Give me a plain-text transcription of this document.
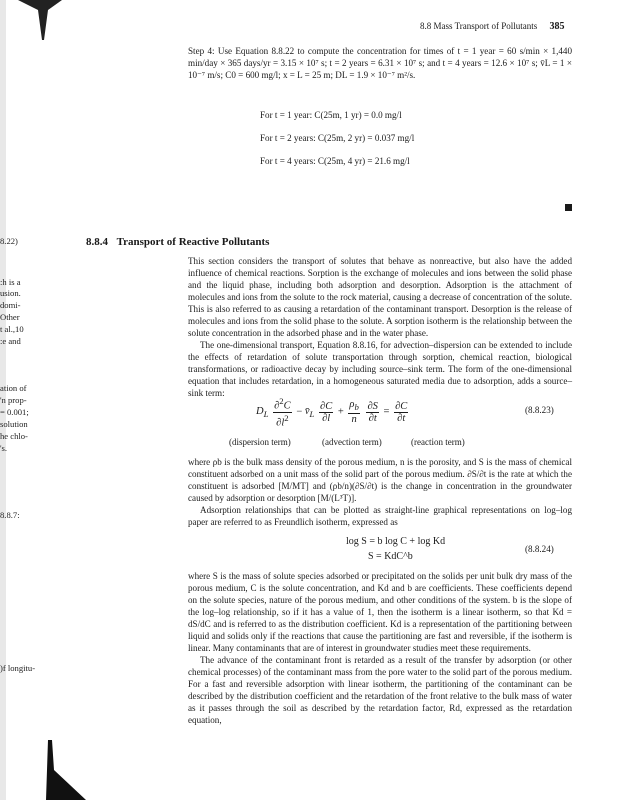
8.22)
:h is a
usion.
domi-
Other
t al.,10
:e and
ation of
'n prop-
= 0.001;
solution
he chlo-
's.
8.8.7:
)f longitu-
8.8 Mass Transport of Pollutants 385

Step 4: Use Equation 8.8.22 to compute the concentration for times of t = 1 year = 60 s/min × 1,440 min/day × 365 days/yr = 3.15 × 10⁷ s; t = 2 years = 6.31 × 10⁷ s; and t = 4 years = 12.6 × 10⁷ s; v̄L = 1 × 10⁻⁷ m/s; C0 = 600 mg/l; x = L = 25 m; DL = 1.9 × 10⁻⁷ m²/s.

For t = 1 year: C(25m, 1 yr) = 0.0 mg/l
For t = 2 years: C(25m, 2 yr) = 0.037 mg/l
For t = 4 years: C(25m, 4 yr) = 21.6 mg/l
8.8.4 Transport of Reactive Pollutants

This section considers the transport of solutes that behave as nonreactive, but also have the added influence of chemical reactions. Sorption is the exchange of molecules and ions between the solid phase and the liquid phase, including both adsorption and desorption. Adsorption is the attachment of molecules and ions from the solute to the rock material, causing a decrease of concentration of the solute. This is also referred to as causing a retardation of the contaminant transport. Desorption is the release of molecules and ions from the solid phase to the solute. A sorption isotherm is the relationship between the solute concentration in the adsorbed phase and in the water phase.

The one-dimensional transport, Equation 8.8.16, for advection–dispersion can be extended to include the effects of retardation of solute transportation through sorption, chemical reaction, biological transformations, or radioactive decay by including source–sink term. The form of the one-dimensional equation that includes retardation, in a homogeneous saturated media due to adsorption, adds a source–sink term:

$D_L \frac{\partial^2C}{\partial l^2}$ − $v̄_L \frac{\partial C}{\partial l} + \frac{\rho_b}{n}$
$\frac{\partial S}{\partial t} = \frac{\partial C}{\partial t}$	(8.8.23)
(dispersion term)	(advection term)	(reaction term)

where ρb is the bulk mass density of the porous medium, n is the porosity, and S is the mass of chemical constituent adsorbed on a unit mass of the solid part of the porous medium. ∂S/∂t is the rate at which the constituent is adsorbed [M/MT] and (ρb/n)(∂S/∂t) is the change in concentration in the groundwater caused by adsorption or desorption [M/(L³T)].

Adsorption relationships that can be plotted as straight-line graphical representations on log–log paper are referred to as Freundlich isotherm, expressed as

log S = b log C + log Kd
S = KdC^b
(8.8.24)

where S is the mass of solute species adsorbed or precipitated on the solids per unit bulk dry mass of the porous medium, C is the solute concentration, and Kd and b are coefficients. These coefficients depend on the solute species, nature of the porous medium, and other conditions of the system. b is the slope of the log–log relationship, so if it has a value of 1, then the isotherm is a linear isotherm, so that Kd = dS/dC and is referred to as the distribution coefficient. Kd is a representation of the partitioning between liquid and solids only if the reactions that cause the partitioning are fast and reversible, if the isotherm is linear. Many contaminants that are of interest in groundwater studies meet these requirements.

The advance of the contaminant front is retarded as a result of the transfer by adsorption (or other chemical processes) of the contaminant mass from the pore water to the solid part of the porous medium. For a fast and reversible adsorption with linear isotherm, the partitioning of the contaminant can be described by the distribution coefficient and the retardation of the front relative to the bulk mass of water as it passes through the soil as described by the retardation factor, Rd, expressed as the retardation equation,
